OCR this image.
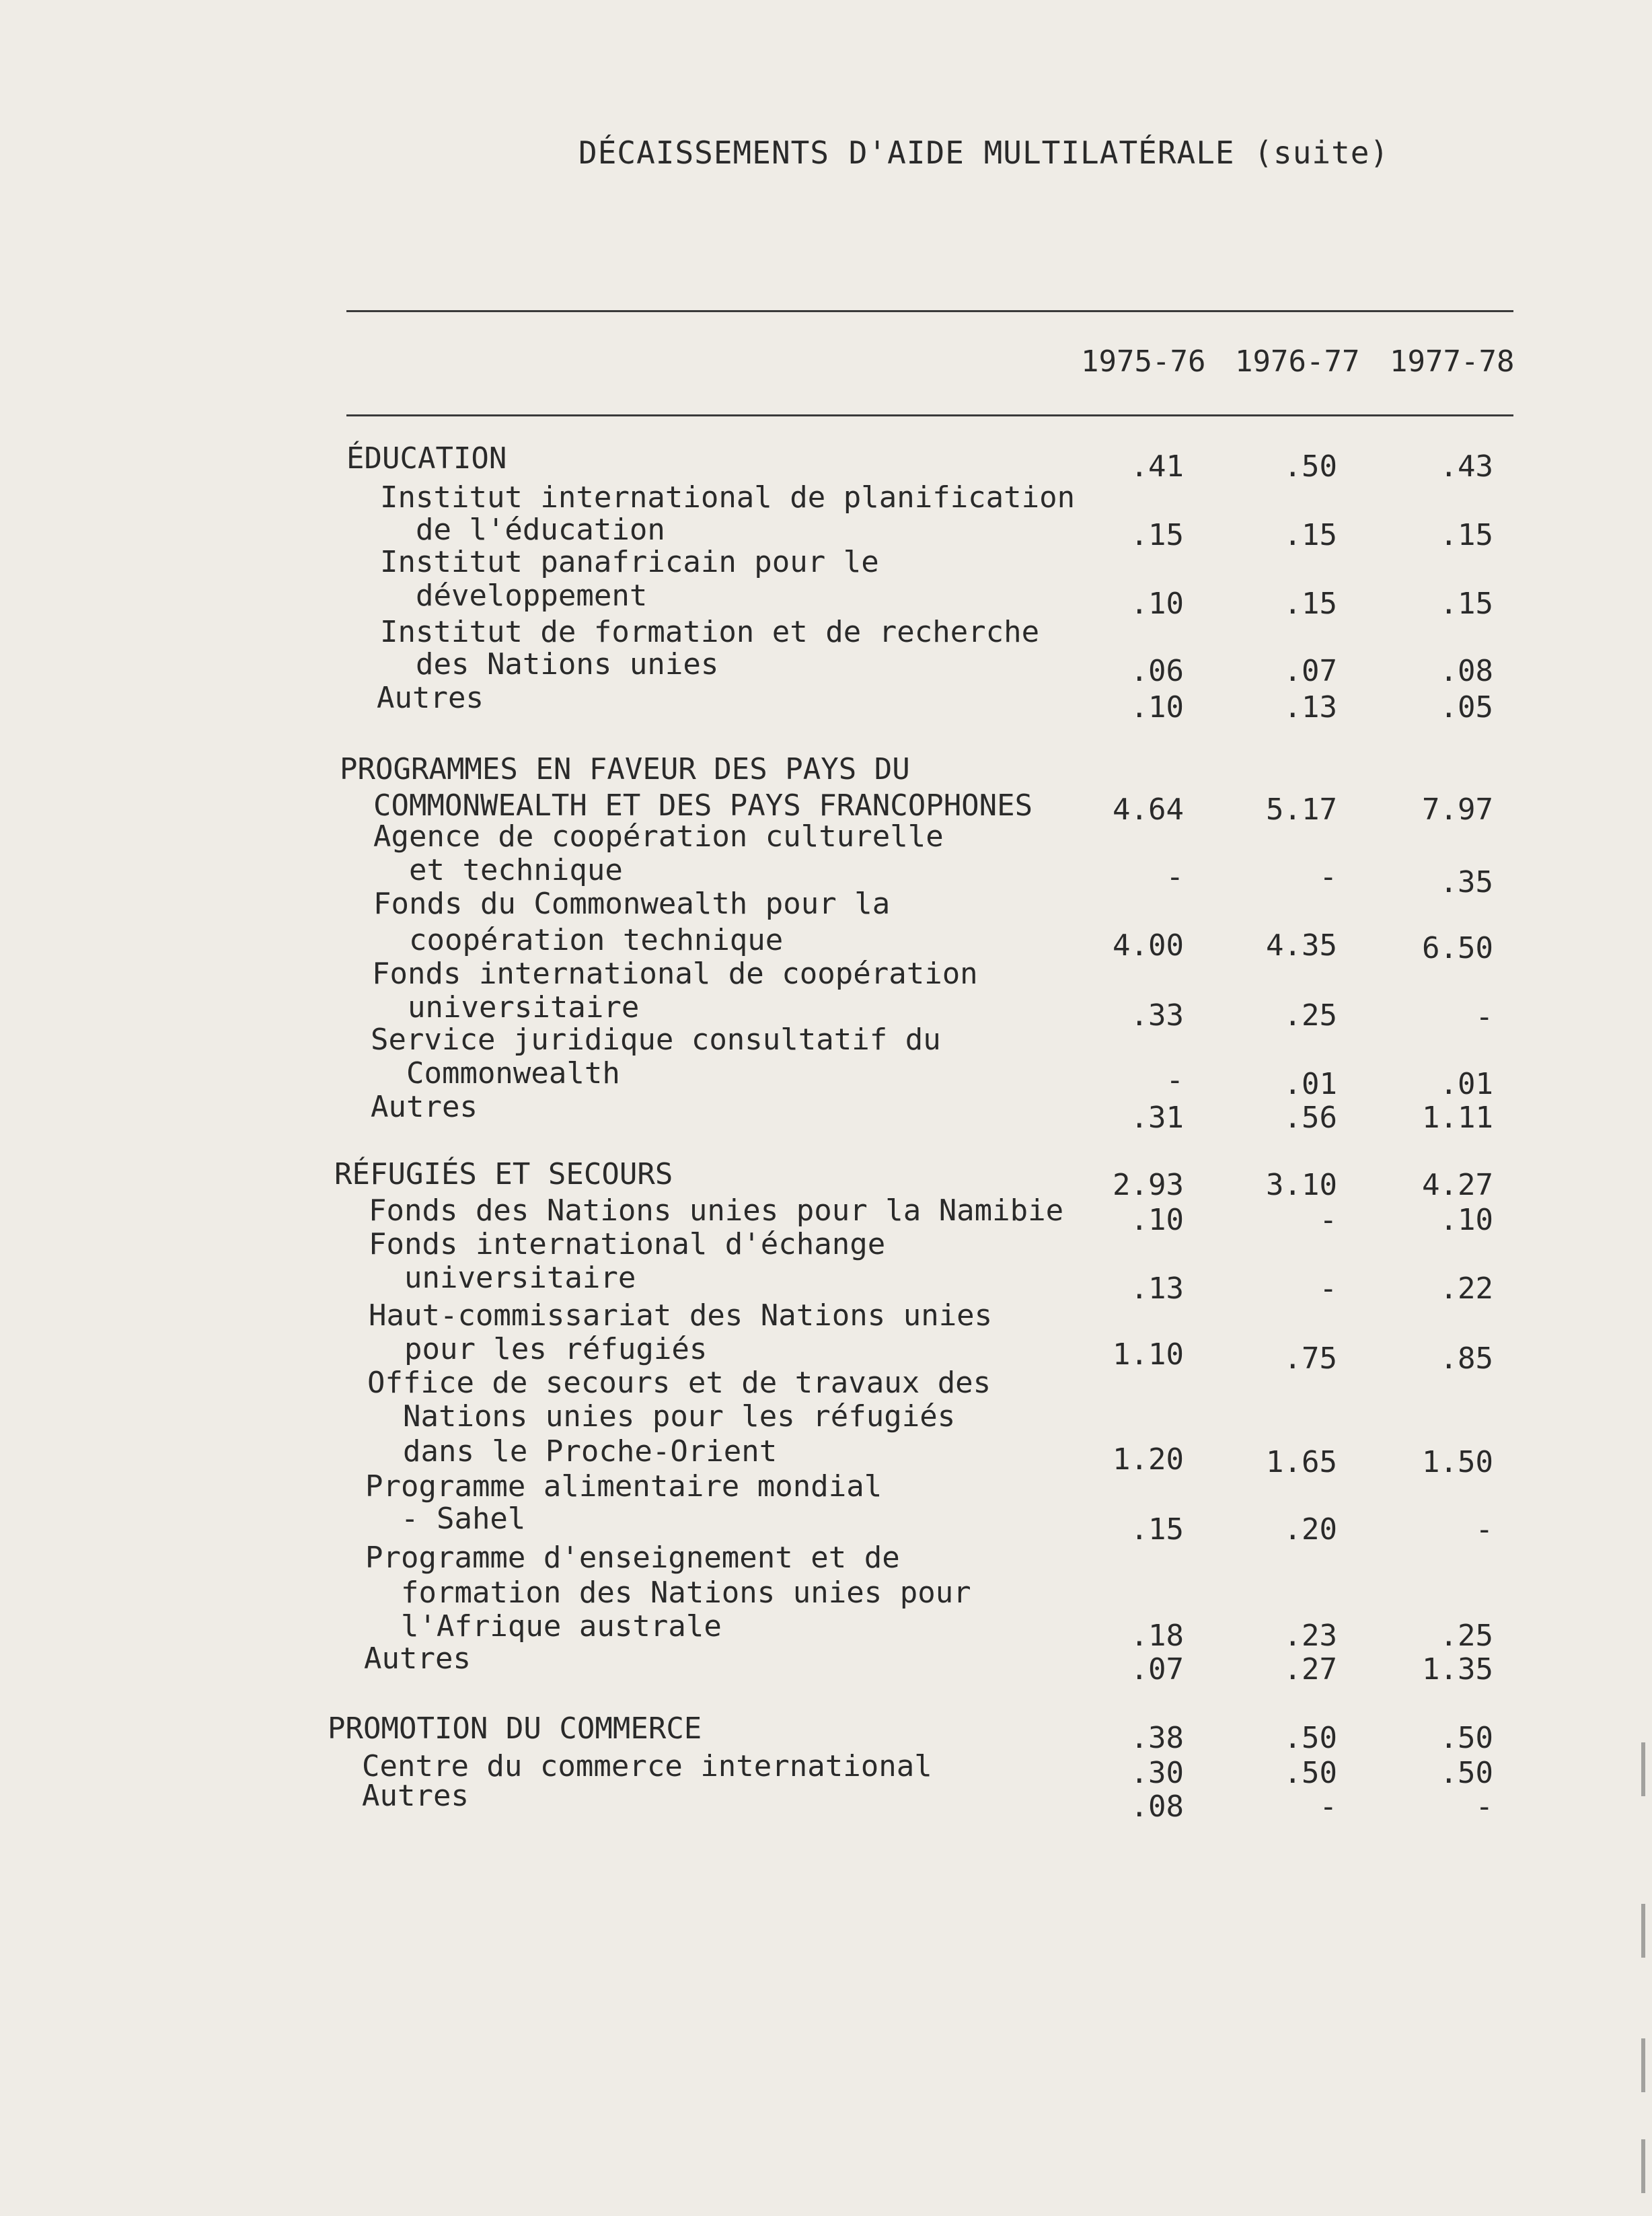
DÉCAISSEMENTS D'AIDE MULTILATÉRALE (suite)
1975-76 1976-77 1977-78
ÉDUCATION	.41	.50	.43
Institut international de planification
de l'éducation	.15	.15	.15
Institut panafricain pour le
développement	.10	.15	.15
Institut de formation et de recherche
des Nations unies	.06	.07	.08
Autres	.10	.13	.05
PROGRAMMES EN FAVEUR DES PAYS DU
COMMONWEALTH ET DES PAYS FRANCOPHONES	4.64	5.17	7.97
Agence de coopération culturelle
et technique	-	-	.35
Fonds du Commonwealth pour la
coopération technique	4.00	4.35	6.50
Fonds international de coopération
universitaire	.33	.25	-
Service juridique consultatif du
Commonwealth	-	.01	.01
Autres	.31	.56	1.11
RÉFUGIÉS ET SECOURS	2.93	3.10	4.27
Fonds des Nations unies pour la Namibie	.10	-	.10
Fonds international d'échange
universitaire	.13	-	.22
Haut-commissariat des Nations unies
pour les réfugiés	1.10	.75	.85
Office de secours et de travaux des
Nations unies pour les réfugiés
dans le Proche-Orient	1.20	1.65	1.50
Programme alimentaire mondial
- Sahel	.15	.20	-
Programme d'enseignement et de
formation des Nations unies pour
l'Afrique australe	.18	.23	.25
Autres	.07	.27	1.35
PROMOTION DU COMMERCE	.38	.50	.50
Centre du commerce international	.30	.50	.50
Autres	.08	-	-
